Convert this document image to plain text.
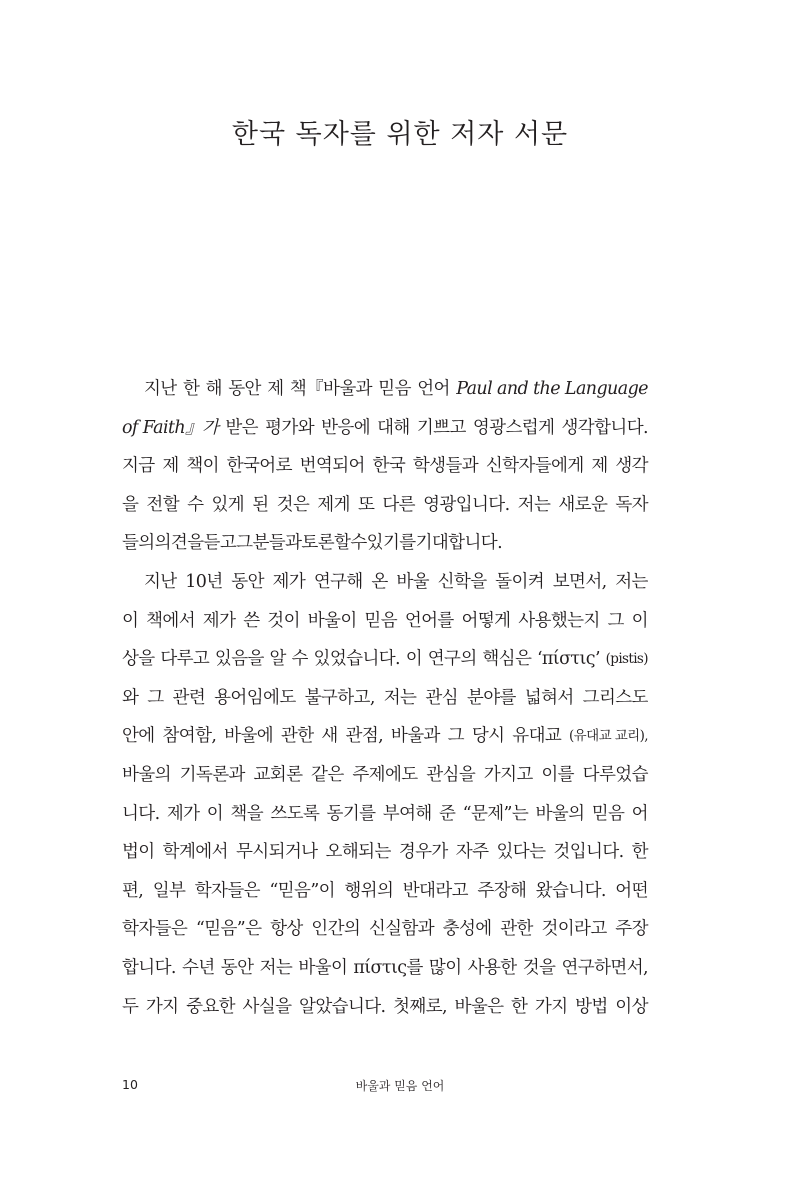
한국 독자를 위한 저자 서문
지난 한 해 동안 제 책『바울과 믿음 언어 Paul and the Language
of Faith』가 받은 평가와 반응에 대해 기쁘고 영광스럽게 생각합니다.
지금 제 책이 한국어로 번역되어 한국 학생들과 신학자들에게 제 생각
을 전할 수 있게 된 것은 제게 또 다른 영광입니다. 저는 새로운 독자
들의 의견을 듣고 그분들과 토론할 수 있기를 기대합니다.
지난 10년 동안 제가 연구해 온 바울 신학을 돌이켜 보면서, 저는
이 책에서 제가 쓴 것이 바울이 믿음 언어를 어떻게 사용했는지 그 이
상을 다루고 있음을 알 수 있었습니다. 이 연구의 핵심은 ‘πίστις’ (pistis)
와 그 관련 용어임에도 불구하고, 저는 관심 분야를 넓혀서 그리스도
안에 참여함, 바울에 관한 새 관점, 바울과 그 당시 유대교 (유대교 교리),
바울의 기독론과 교회론 같은 주제에도 관심을 가지고 이를 다루었습
니다. 제가 이 책을 쓰도록 동기를 부여해 준 “문제”는 바울의 믿음 어
법이 학계에서 무시되거나 오해되는 경우가 자주 있다는 것입니다. 한
편, 일부 학자들은 “믿음”이 행위의 반대라고 주장해 왔습니다. 어떤
학자들은 “믿음”은 항상 인간의 신실함과 충성에 관한 것이라고 주장
합니다. 수년 동안 저는 바울이 πίστις를 많이 사용한 것을 연구하면서,
두 가지 중요한 사실을 알았습니다. 첫째로, 바울은 한 가지 방법 이상
10	바울과 믿음 언어
